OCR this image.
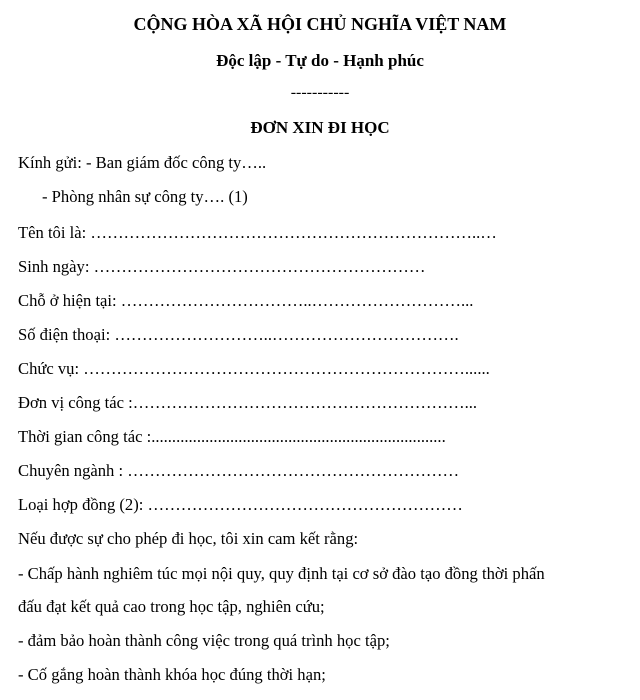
CỘNG HÒA XÃ HỘI CHỦ NGHĨA VIỆT NAM
Độc lập - Tự do - Hạnh phúc
-----------
ĐƠN XIN ĐI HỌC
Kính gửi: - Ban giám đốc công ty…..
- Phòng nhân sự công ty…. (1)
Tên tôi là: ……………………………………………………………..…
Sinh ngày: ……………………………………………………
Chỗ ở hiện tại: ……………………………..………………………...
Số điện thoại: ………………………..…………………………….
Chức vụ: ……………………………………………………………......
Đơn vị công tác :……………………………………………………...
Thời gian công tác :.......................................................................
Chuyên ngành : ……………………………………………………
Loại hợp đồng (2): …………………………………………………
Nếu được sự cho phép đi học, tôi xin cam kết rằng:
- Chấp hành nghiêm túc mọi nội quy, quy định tại cơ sở đào tạo đồng thời phấn
đấu đạt kết quả cao trong học tập, nghiên cứu;
- đảm bảo hoàn thành công việc trong quá trình học tập;
- Cố gắng hoàn thành khóa học đúng thời hạn;
